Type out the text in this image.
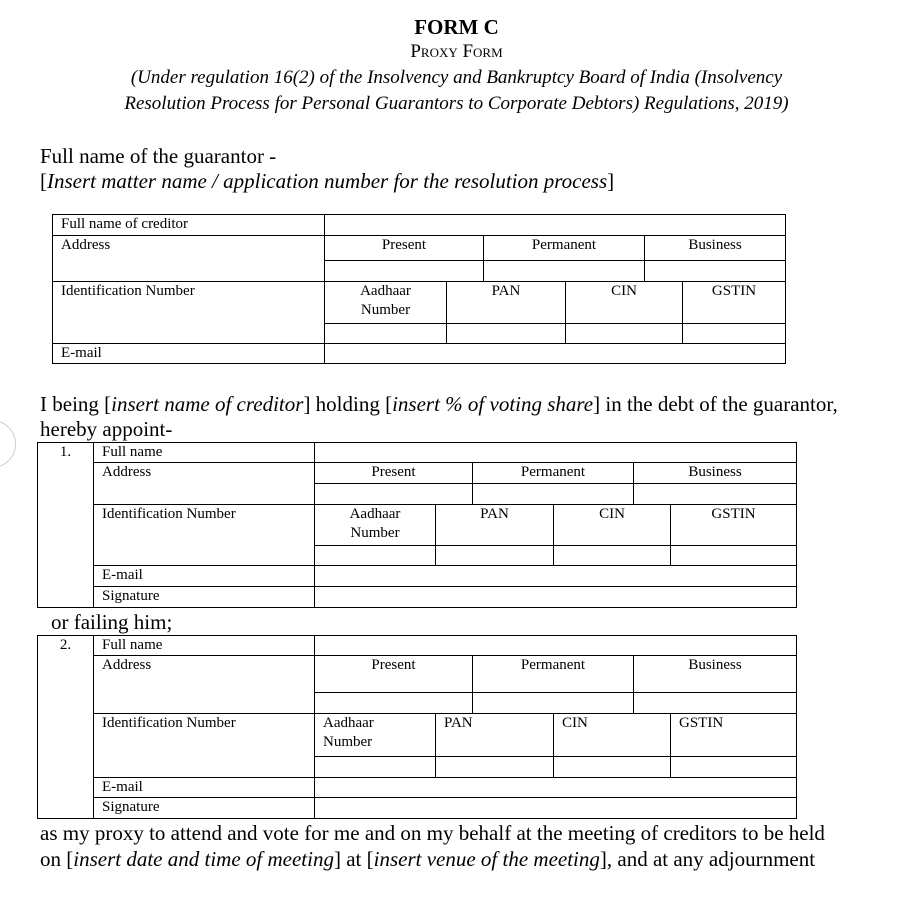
FORM C
Proxy Form
(Under regulation 16(2) of the Insolvency and Bankruptcy Board of India (Insolvency
Resolution Process for Personal Guarantors to Corporate Debtors) Regulations, 2019)
Full name of the guarantor -
[Insert matter name / application number for the resolution process]
Full name of creditor						
Address	Present		Permanent		Business	

Identification Number	Aadhaar
Number	PAN		CIN		GSTIN

E-mail						
I being [insert name of creditor] holding [insert % of voting share] in the debt of the guarantor,
hereby appoint-
1.	Full name						
	Address	Present		Permanent		Business	

	Identification Number	Aadhaar
Number	PAN		CIN		GSTIN

	E-mail						
	Signature						
or failing him;
2.	Full name						
	Address	Present		Permanent		Business	

	Identification Number	Aadhaar
Number	PAN		CIN		GSTIN

	E-mail						
	Signature						
as my proxy to attend and vote for me and on my behalf at the meeting of creditors to be held
on [insert date and time of meeting] at [insert venue of the meeting], and at any adjournment
